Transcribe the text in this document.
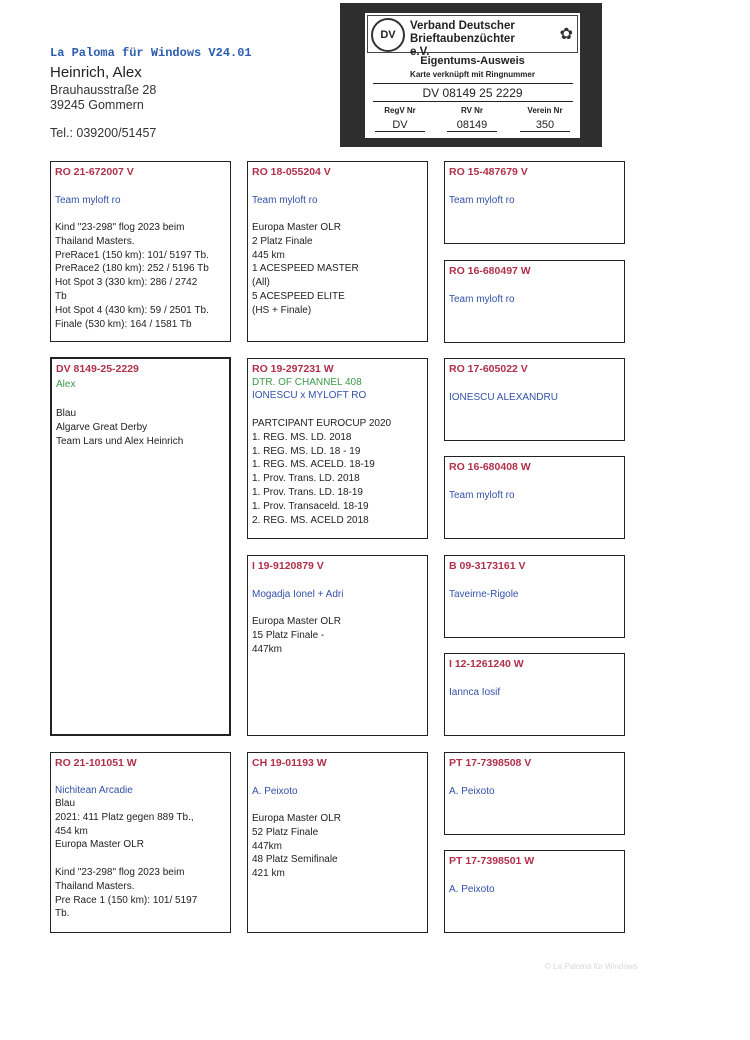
La Paloma für Windows V24.01
Heinrich, Alex
Brauhausstraße 28
39245 Gommern
Tel.: 039200/51457
DV
Verband Deutscher
Brieftaubenzüchter e.V.
✿
Eigentums-Ausweis
Karte verknüpft mit Ringnummer
DV 08149 25 2229
RegV Nr	RV Nr	Verein Nr
DV	08149	350
RO 21-672007 V
Team myloft ro
Kind "23-298" flog 2023 beim
Thailand Masters.
PreRace1 (150 km): 101/ 5197 Tb.
PreRace2 (180 km): 252 / 5196 Tb
Hot Spot 3 (330 km): 286 / 2742
Tb
Hot Spot 4 (430 km): 59 / 2501 Tb.
Finale (530 km): 164 / 1581 Tb
DV 8149-25-2229
Alex
Blau
Algarve Great Derby
Team Lars und Alex Heinrich
RO 21-101051 W
Nichitean Arcadie
Blau
2021: 411 Platz gegen 889 Tb.,
454 km
Europa Master OLR
Kind "23-298" flog 2023 beim
Thailand Masters.
Pre Race 1 (150 km): 101/ 5197
Tb.
RO 18-055204 V
Team myloft ro
Europa Master OLR
2 Platz Finale
445 km
1 ACESPEED MASTER
(All)
5 ACESPEED ELITE
(HS + Finale)
RO 19-297231 W
DTR. OF CHANNEL 408
IONESCU x MYLOFT RO
PARTCIPANT EUROCUP 2020
1. REG. MS. LD. 2018
1. REG. MS. LD. 18 - 19
1. REG. MS. ACELD. 18-19
1. Prov. Trans. LD. 2018
1. Prov. Trans. LD. 18-19
1. Prov. Transaceld. 18-19
2. REG. MS. ACELD 2018
I 19-9120879 V
Mogadja Ionel + Adri
Europa Master OLR
15 Platz Finale -
447km
CH 19-01193 W
A. Peixoto
Europa Master OLR
52 Platz Finale
447km
48 Platz Semifinale
421 km
RO 15-487679 V
Team myloft ro
RO 16-680497 W
Team myloft ro
RO 17-605022 V
IONESCU ALEXANDRU
RO 16-680408 W
Team myloft ro
B 09-3173161 V
Taveirne-Rigole
I 12-1261240 W
Iannca Iosif
PT 17-7398508 V
A. Peixoto
PT 17-7398501 W
A. Peixoto
© La Paloma für Windows
